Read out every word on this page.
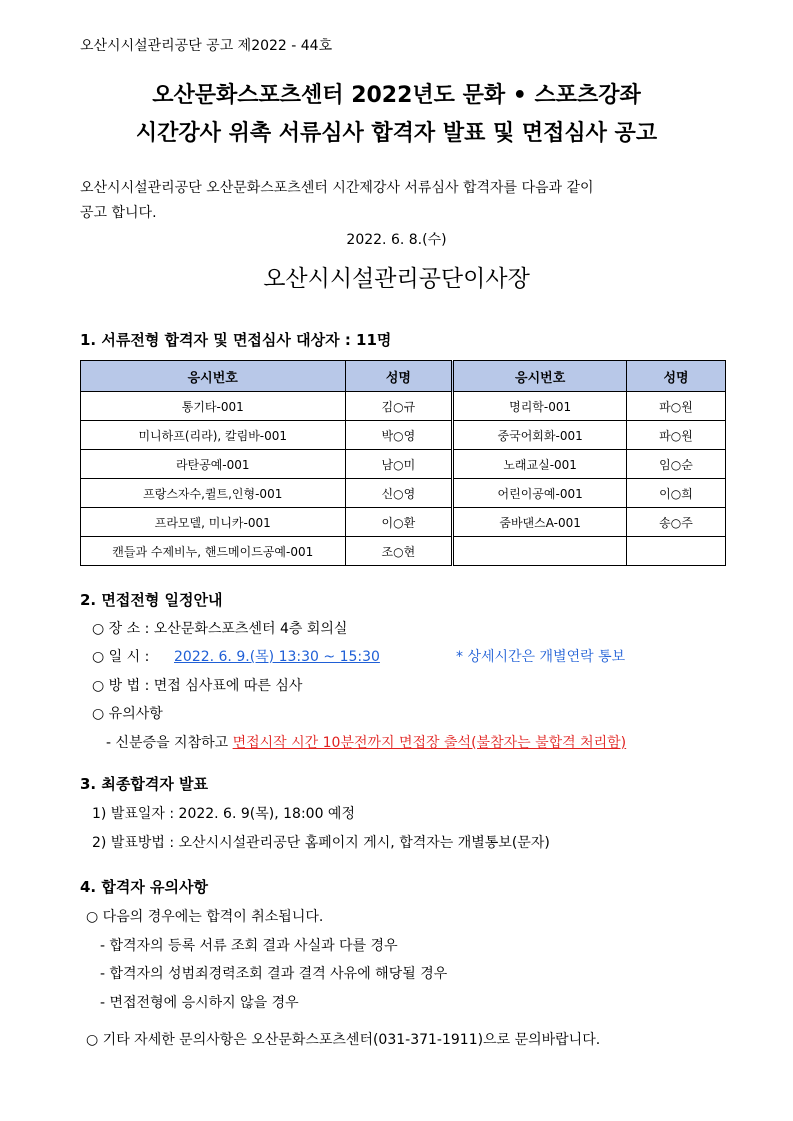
오산시시설관리공단 공고 제2022 - 44호
오산문화스포츠센터 2022년도 문화 • 스포츠강좌
시간강사 위촉 서류심사 합격자 발표 및 면접심사 공고
오산시시설관리공단 오산문화스포츠센터 시간제강사 서류심사 합격자를 다음과 같이
공고 합니다.
2022. 6. 8.(수)
오산시시설관리공단이사장
1. 서류전형 합격자 및 면접심사 대상자 : 11명
응시번호	성명	응시번호	성명
통기타-001	김○규	명리학-001	파○원
미니하프(리라), 칼림바-001	박○영	중국어회화-001	파○원
라탄공예-001	남○미	노래교실-001	임○순
프랑스자수,퀼트,인형-001	신○영	어린이공예-001	이○희
프라모델, 미니카-001	이○환	줌바댄스A-001	송○주
캔들과 수제비누, 핸드메이드공예-001	조○현		
2. 면접전형 일정안내
○ 장 소 : 오산문화스포츠센터 4층 회의실
○ 일 시 : 2022. 6. 9.(목) 13:30 ~ 15:30	* 상세시간은 개별연락 통보
○ 방 법 : 면접 심사표에 따른 심사
○ 유의사항
- 신분증을 지참하고 면접시작 시간 10분전까지 면접장 출석(불참자는 불합격 처리함)
3. 최종합격자 발표
1) 발표일자 : 2022. 6. 9(목), 18:00 예정
2) 발표방법 : 오산시시설관리공단 홈페이지 게시, 합격자는 개별통보(문자)
4. 합격자 유의사항
○ 다음의 경우에는 합격이 취소됩니다.
- 합격자의 등록 서류 조회 결과 사실과 다를 경우
- 합격자의 성범죄경력조회 결과 결격 사유에 해당될 경우
- 면접전형에 응시하지 않을 경우
○ 기타 자세한 문의사항은 오산문화스포츠센터(031-371-1911)으로 문의바랍니다.
